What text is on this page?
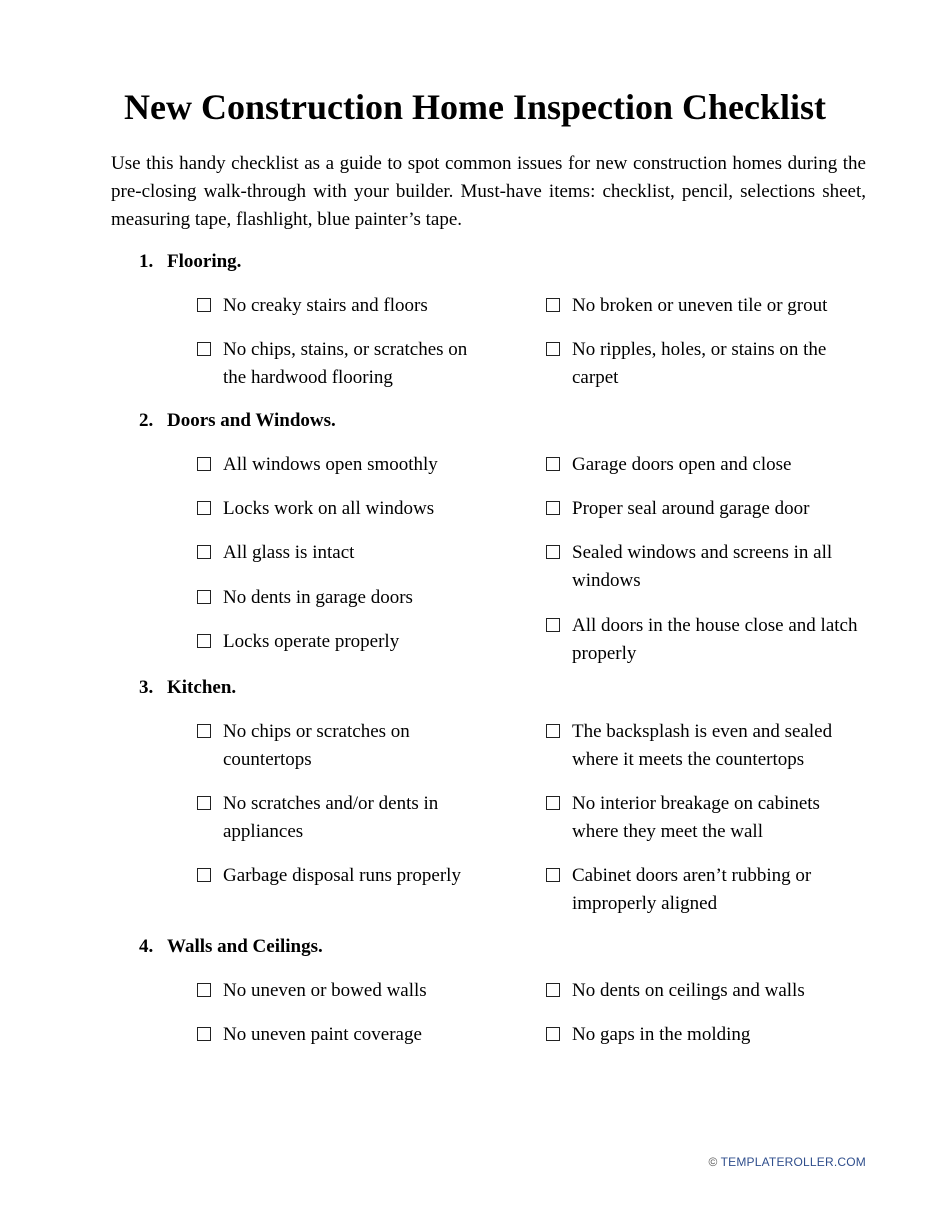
New Construction Home Inspection Checklist

Use this handy checklist as a guide to spot common issues for new construction homes during the pre-closing walk-through with your builder. Must-have items: checklist, pencil, selections sheet, measuring tape, flashlight, blue painter’s tape.

1. Flooring.
No creaky stairs and floors
No chips, stains, or scratches on the hardwood flooring
No broken or uneven tile or grout
No ripples, holes, or stains on the carpet
2. Doors and Windows.
All windows open smoothly
Locks work on all windows
All glass is intact
No dents in garage doors
Locks operate properly
Garage doors open and close
Proper seal around garage door
Sealed windows and screens in all windows
All doors in the house close and latch properly
3. Kitchen.
No chips or scratches on countertops
No scratches and/or dents in appliances
Garbage disposal runs properly
The backsplash is even and sealed where it meets the countertops
No interior breakage on cabinets where they meet the wall
Cabinet doors aren’t rubbing or improperly aligned
4. Walls and Ceilings.
No uneven or bowed walls
No uneven paint coverage
No dents on ceilings and walls
No gaps in the molding
© TEMPLATEROLLER.COM
